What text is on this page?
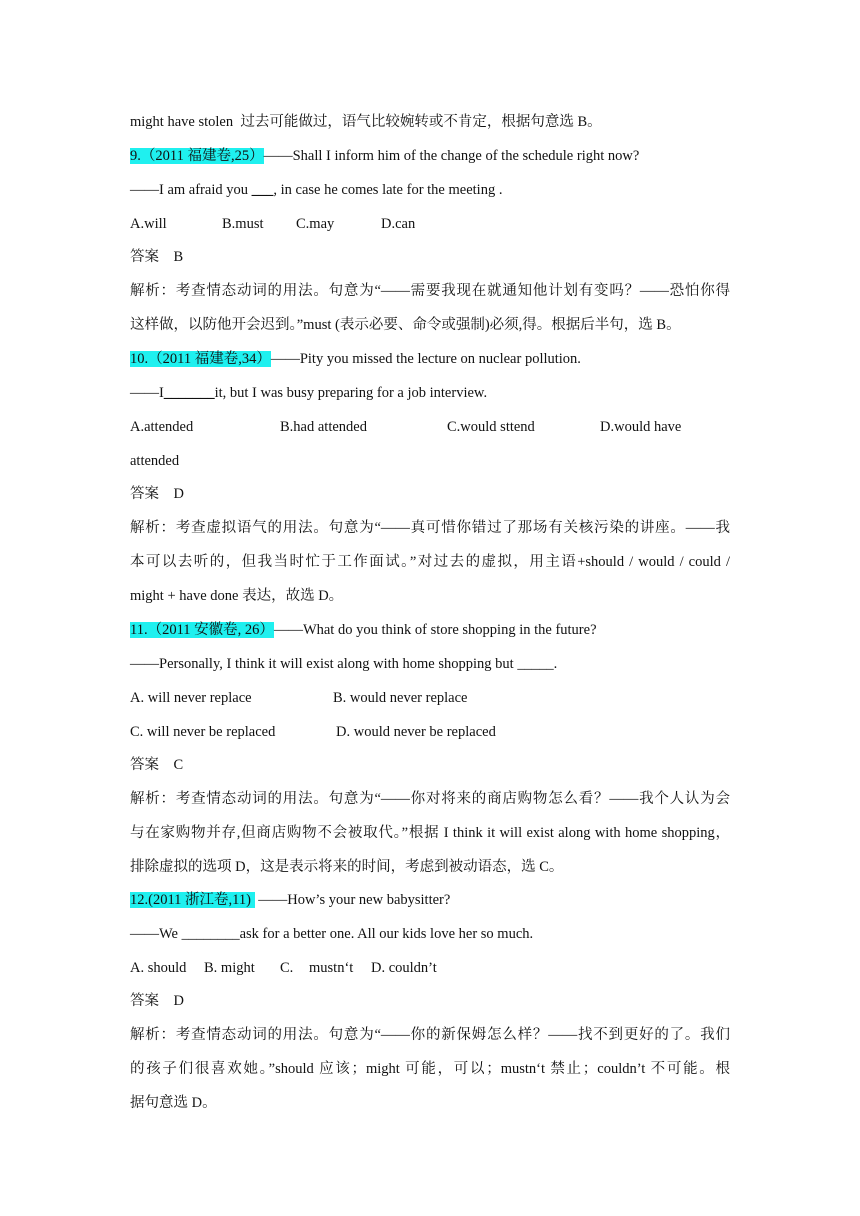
might have stolen  过去可能做过，语气比较婉转或不肯定，根据句意选 B。
9.（2011 福建卷,25）——Shall I inform him of the change of the schedule right now?
——I am afraid you ___, in case he comes late for the meeting .
A.will	B.must C.may	D.can
答案    B
解析：考查情态动词的用法。句意为“——需要我现在就通知他计划有变吗？——恐怕你得
这样做，以防他开会迟到。”must (表示必要、命令或强制)必须,得。根据后半句，选 B。
10.（2011 福建卷,34）——Pity you missed the lecture on nuclear pollution.
——I_______it, but I was busy preparing for a job interview.
A.attended	B.had attended	C.would sttend	D.would have
attended
答案    D
解析：考查虚拟语气的用法。句意为“——真可惜你错过了那场有关核污染的讲座。——我
本可以去听的，但我当时忙于工作面试。”对过去的虚拟，用主语+should / would / could /
might + have done 表达，故选 D。
11.（2011 安徽卷, 26）——What do you think of store shopping in the future?
——Personally, I think it will exist along with home shopping but _____.
A. will never replace	B. would never replace
C. will never be replaced	D. would never be replaced
答案    C
解析：考查情态动词的用法。句意为“——你对将来的商店购物怎么看？——我个人认为会
与在家购物并存,但商店购物不会被取代。”根据 I think it will exist along with home shopping，
排除虚拟的选项 D，这是表示将来的时间，考虑到被动语态，选 C。
12.(2011 浙江卷,11)  ——How’s your new babysitter?
——We ________ask for a better one. All our kids love her so much.
A. should B. might C. mustn‘t D. couldn’t
答案    D
解析：考查情态动词的用法。句意为“——你的新保姆怎么样？——找不到更好的了。我们
的孩子们很喜欢她。”should 应该；might 可能，可以；mustn‘t 禁止；couldn’t 不可能。根
据句意选 D。
